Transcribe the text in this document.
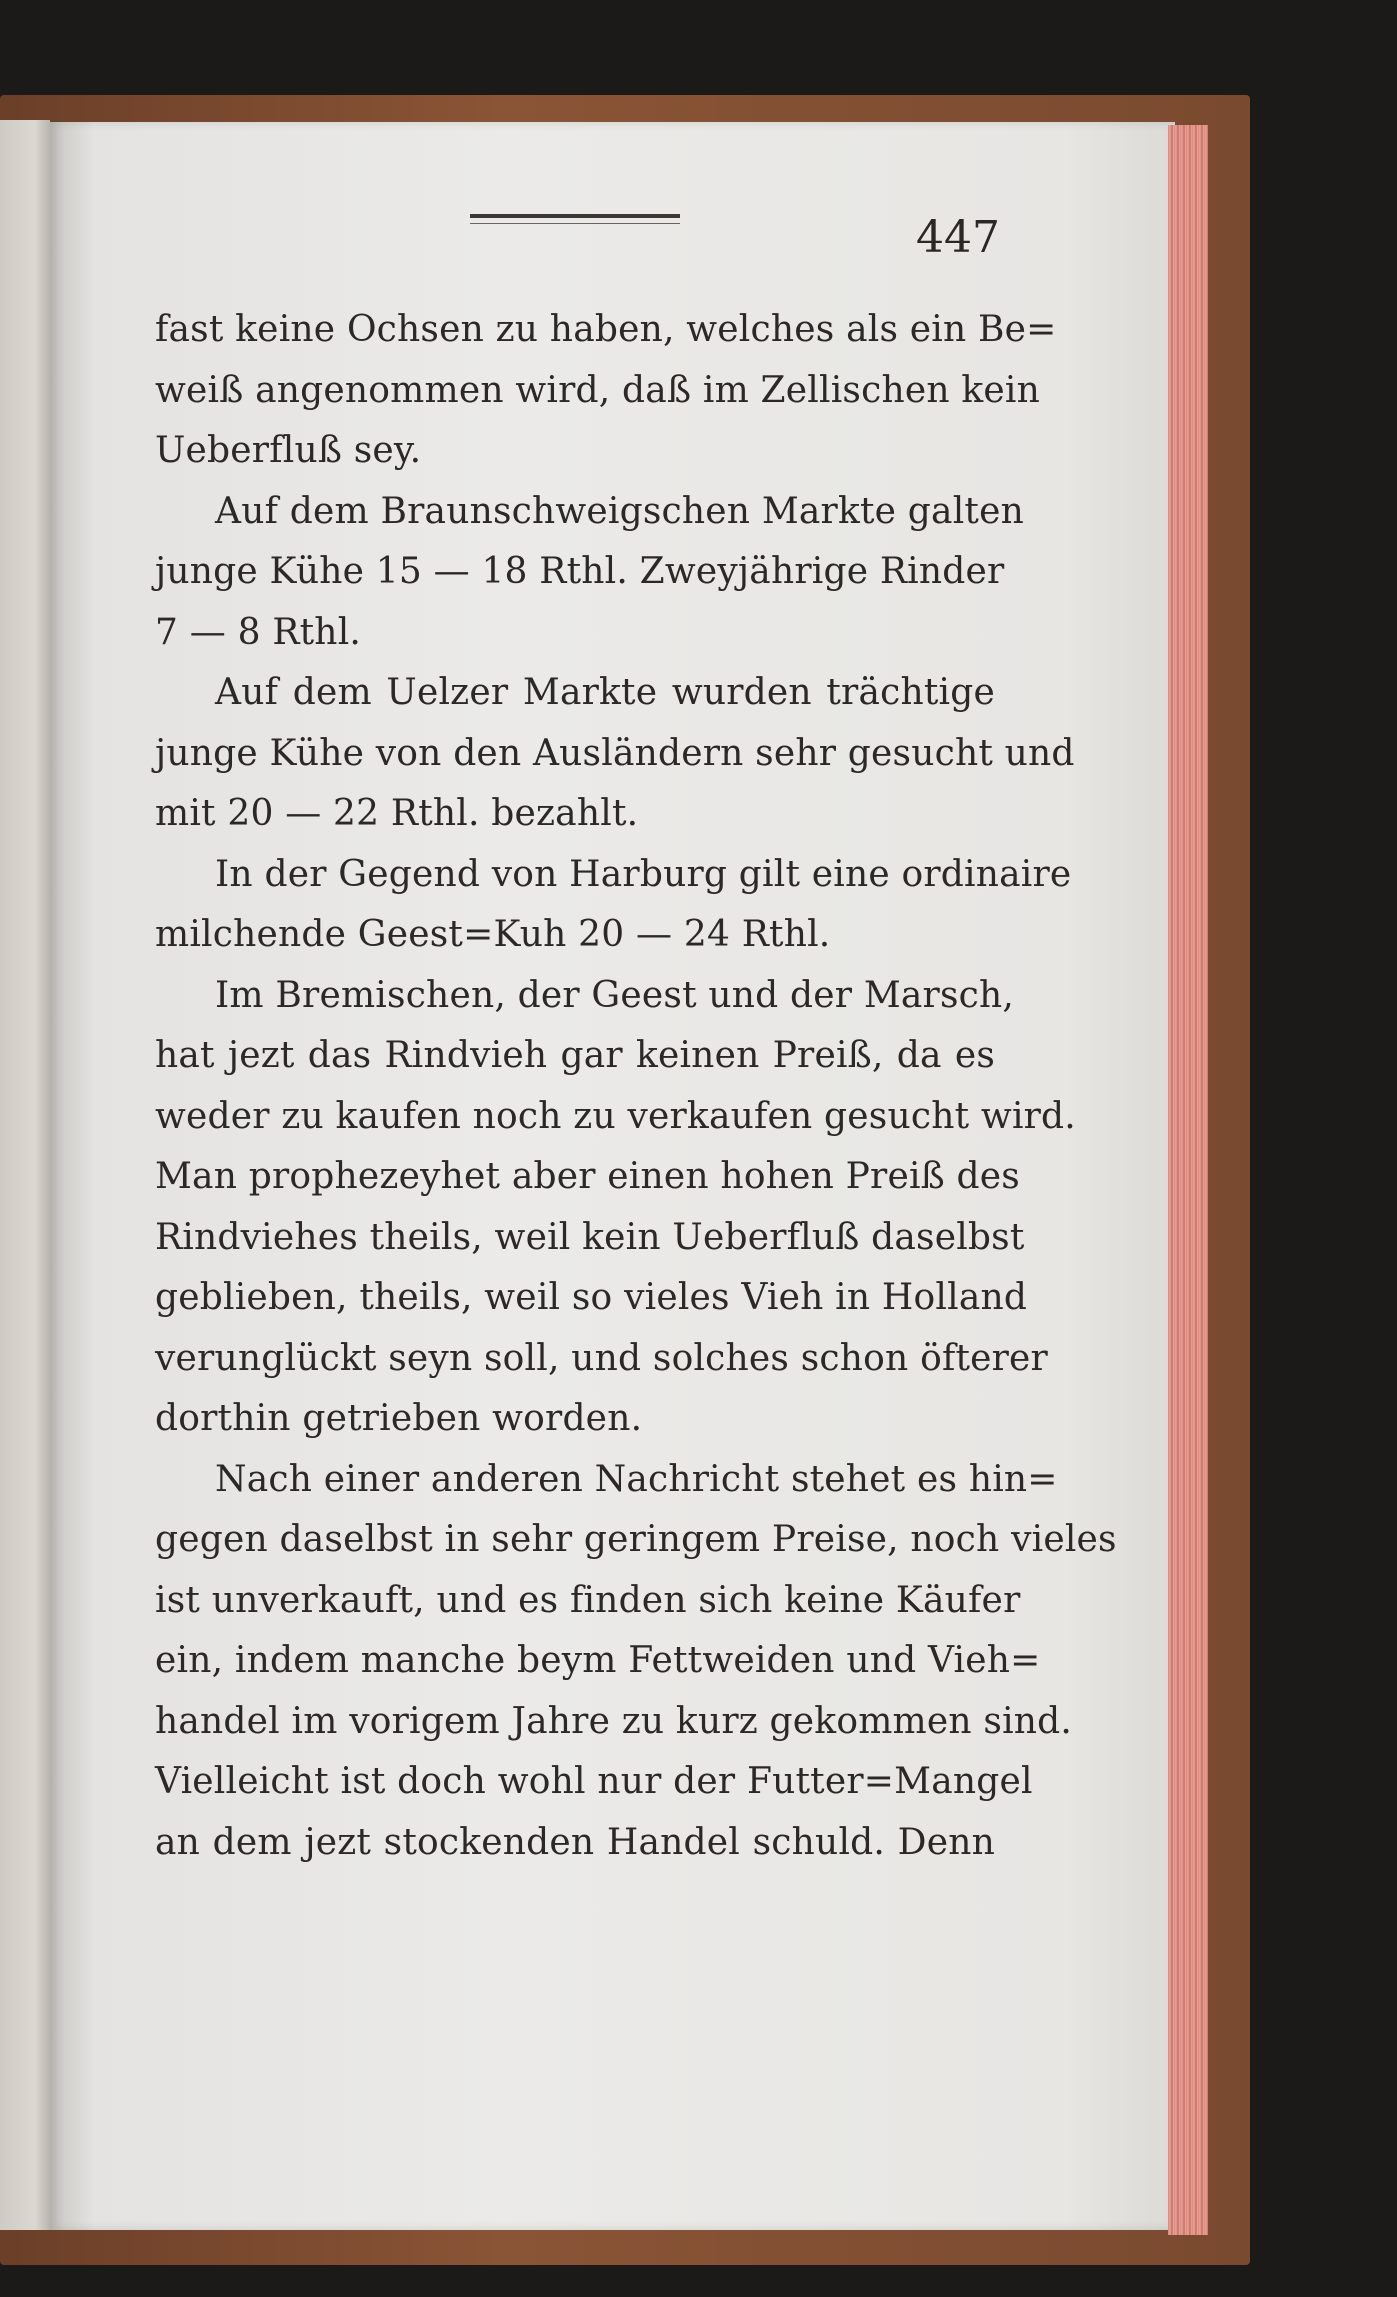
447
fast keine Ochsen zu haben, welches als ein Be=
weiß angenommen wird, daß im Zellischen kein
Ueberfluß sey.
Auf dem Braunschweigschen Markte galten
junge Kühe 15 — 18 Rthl. Zweyjährige Rinder
7 — 8 Rthl.
Auf dem Uelzer Markte wurden trächtige
junge Kühe von den Ausländern sehr gesucht und
mit 20 — 22 Rthl. bezahlt.
In der Gegend von Harburg gilt eine ordinaire
milchende Geest=Kuh 20 — 24 Rthl.
Im Bremischen, der Geest und der Marsch,
hat jezt das Rindvieh gar keinen Preiß, da es
weder zu kaufen noch zu verkaufen gesucht wird.
Man prophezeyhet aber einen hohen Preiß des
Rindviehes theils, weil kein Ueberfluß daselbst
geblieben, theils, weil so vieles Vieh in Holland
verunglückt seyn soll, und solches schon öfterer
dorthin getrieben worden.
Nach einer anderen Nachricht stehet es hin=
gegen daselbst in sehr geringem Preise, noch vieles
ist unverkauft, und es finden sich keine Käufer
ein, indem manche beym Fettweiden und Vieh=
handel im vorigem Jahre zu kurz gekommen sind.
Vielleicht ist doch wohl nur der Futter=Mangel
an dem jezt stockenden Handel schuld. Denn
